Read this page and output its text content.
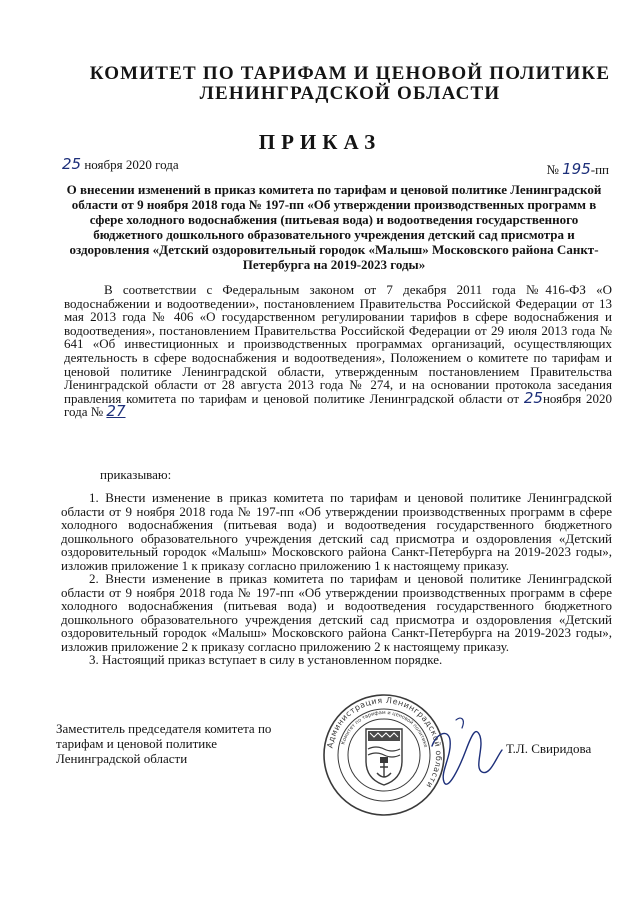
КОМИТЕТ ПО ТАРИФАМ И ЦЕНОВОЙ ПОЛИТИКЕ
ЛЕНИНГРАДСКОЙ ОБЛАСТИ
ПРИКАЗ
25 ноября 2020 года	№ 195-пп
О внесении изменений в приказ комитета по тарифам и ценовой политике Ленинградской области от 9 ноября 2018 года № 197-пп «Об утверждении производственных программ в сфере холодного водоснабжения (питьевая вода) и водоотведения государственного бюджетного дошкольного образовательного учреждения детский сад присмотра и оздоровления «Детский оздоровительный городок «Малыш» Московского района Санкт-Петербурга на 2019-2023 годы»

В соответствии с Федеральным законом от 7 декабря 2011 года №416-ФЗ «О водоснабжении и водоотведении», постановлением Правительства Российской Федерации от 13 мая 2013 года № 406 «О государственном регулировании тарифов в сфере водоснабжения и водоотведения», постановлением Правительства Российской Федерации от 29 июля 2013 года № 641 «Об инвестиционных и производственных программах организаций, осуществляющих деятельность в сфере водоснабжения и водоотведения», Положением о комитете по тарифам и ценовой политике Ленинградской области, утвержденным постановлением Правительства Ленинградской области от 28 августа 2013 года № 274, и на основании протокола заседания правления комитета по тарифам и ценовой политике Ленинградской области от 25ноября 2020 года № 27

приказываю:

1. Внести изменение в приказ комитета по тарифам и ценовой политике Ленинградской области от 9 ноября 2018 года № 197-пп «Об утверждении производственных программ в сфере холодного водоснабжения (питьевая вода) и водоотведения государственного бюджетного дошкольного образовательного учреждения детский сад присмотра и оздоровления «Детский оздоровительный городок «Малыш» Московского района Санкт-Петербурга на 2019-2023 годы», изложив приложение 1 к приказу согласно приложению 1 к настоящему приказу.

2. Внести изменение в приказ комитета по тарифам и ценовой политике Ленинградской области от 9 ноября 2018 года № 197-пп «Об утверждении производственных программ в сфере холодного водоснабжения (питьевая вода) и водоотведения государственного бюджетного дошкольного образовательного учреждения детский сад присмотра и оздоровления «Детский оздоровительный городок «Малыш» Московского района Санкт-Петербурга на 2019-2023 годы», изложив приложение 2 к приказу согласно приложению 2 к настоящему приказу.

3. Настоящий приказ вступает в силу в установленном порядке.

Заместитель председателя комитета по тарифам и ценовой политике Ленинградской области
Администрация Ленинградской области
Комитет по тарифам и ценовой политике	Т.Л. Свиридова
